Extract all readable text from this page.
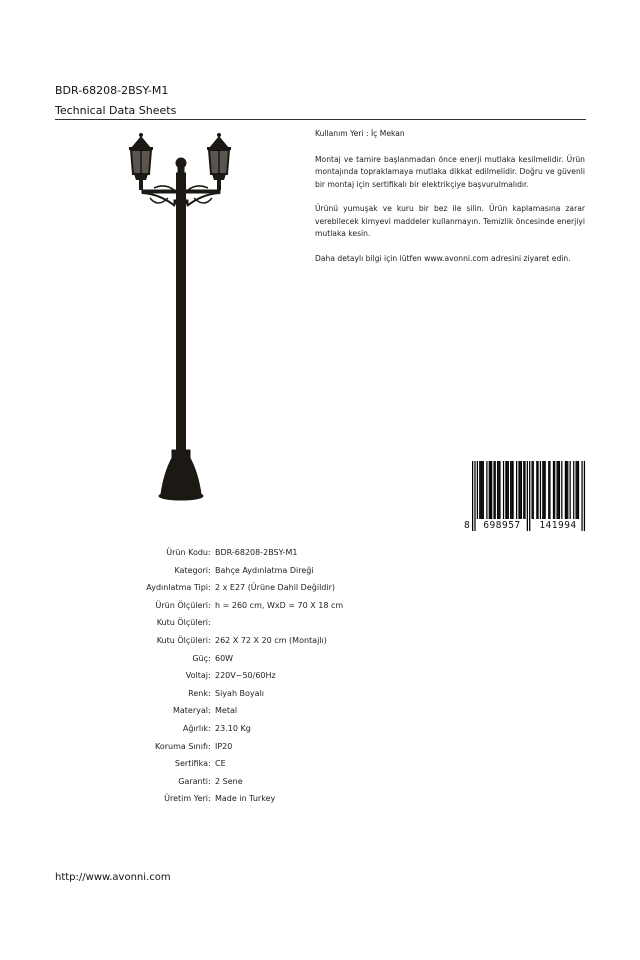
BDR-68208-2BSY-M1
Technical Data Sheets

Kullanım Yeri : İç Mekan

Montaj ve tamire başlanmadan önce enerji mutlaka kesilmelidir. Ürün montajında topraklamaya mutlaka dikkat edilmelidir. Doğru ve güvenli bir montaj için sertifikalı bir elektrikçiye başvurulmalıdır.

Ürünü yumuşak ve kuru bir bez ile silin. Ürün kaplamasına zarar verebilecek kimyevi maddeler kullanmayın. Temizlik öncesinde enerjiyi mutlaka kesin.

Daha detaylı bilgi için lütfen www.avonni.com adresini ziyaret edin.

8	698957	141994
Ürün Kodu : BDR-68208-2BSY-M1
Kategori : Bahçe Aydınlatma Direği
Aydınlatma Tipi : 2 x E27 (Ürüne Dahil Değildir)
Ürün Ölçüleri : h = 260 cm, WxD = 70 X 18 cm
Kutu Ölçüleri :
Kutu Ölçüleri : 262 X 72 X 20 cm (Montajlı)
Güç : 60W
Voltaj : 220V~50/60Hz
Renk : Siyah Boyalı
Materyal : Metal
Ağırlık : 23.10 Kg
Koruma Sınıfı : IP20
Sertifika : CE
Garanti : 2 Sene
Üretim Yeri : Made in Turkey
http://www.avonni.com
